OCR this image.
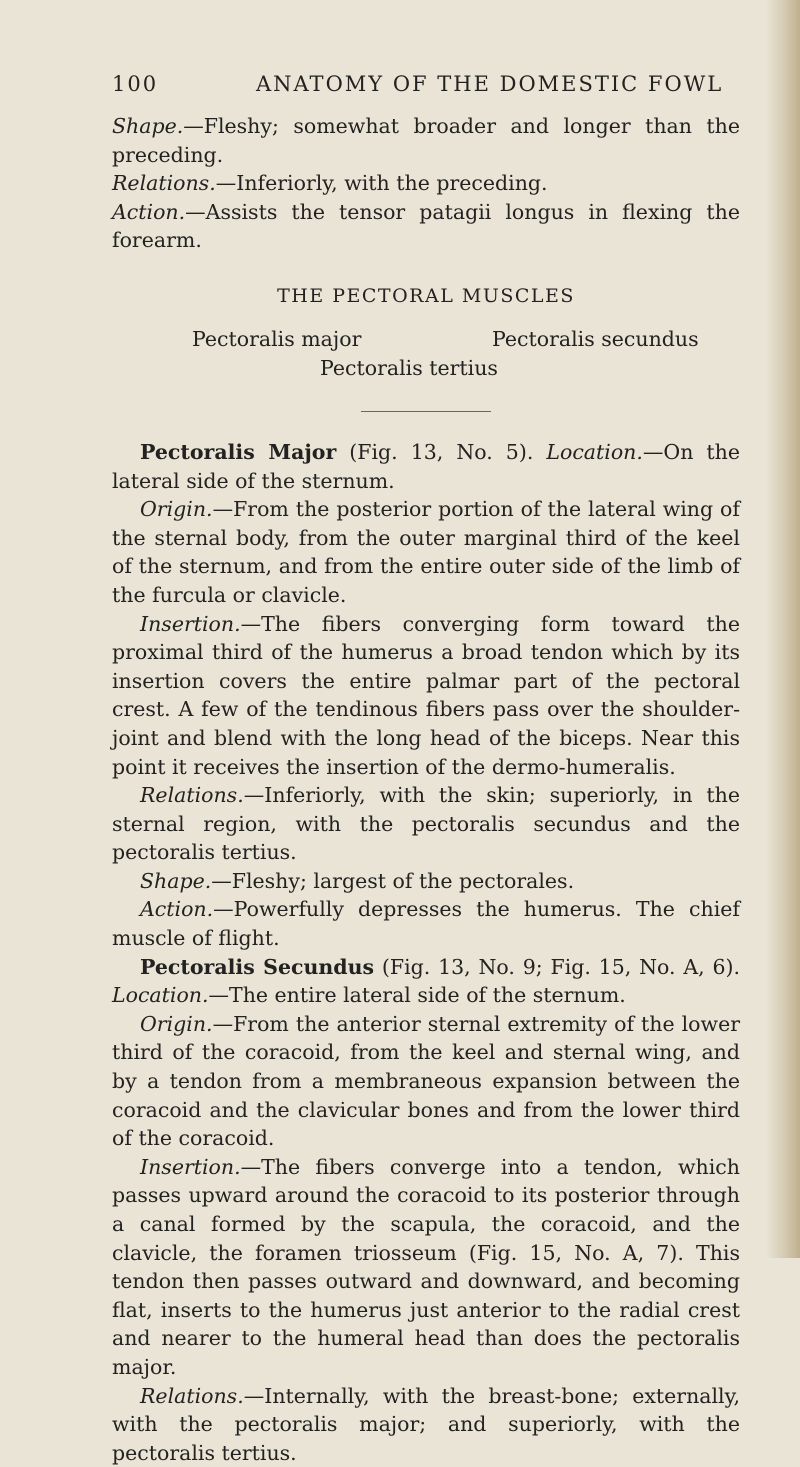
100	ANATOMY OF THE DOMESTIC FOWL

Shape.—Fleshy; somewhat broader and longer than the preceding.

Relations.—Inferiorly, with the preceding.

Action.—Assists the tensor patagii longus in flexing the forearm.

THE PECTORAL MUSCLES
Pectoralis major	Pectoralis secundus
Pectoralis tertius

Pectoralis Major (Fig. 13, No. 5). Location.—On the lateral side of the sternum.

Origin.—From the posterior portion of the lateral wing of the sternal body, from the outer marginal third of the keel of the sternum, and from the entire outer side of the limb of the furcula or clavicle.

Insertion.—The fibers converging form toward the proximal third of the humerus a broad tendon which by its insertion covers the entire palmar part of the pectoral crest. A few of the tendinous fibers pass over the shoulder-joint and blend with the long head of the biceps. Near this point it receives the insertion of the dermo-humeralis.

Relations.—Inferiorly, with the skin; superiorly, in the sternal region, with the pectoralis secundus and the pectoralis tertius.

Shape.—Fleshy; largest of the pectorales.

Action.—Powerfully depresses the humerus. The chief muscle of flight.

Pectoralis Secundus (Fig. 13, No. 9; Fig. 15, No. A, 6). Location.—The entire lateral side of the sternum.

Origin.—From the anterior sternal extremity of the lower third of the coracoid, from the keel and sternal wing, and by a tendon from a membraneous expansion between the coracoid and the clavicular bones and from the lower third of the coracoid.

Insertion.—The fibers converge into a tendon, which passes upward around the coracoid to its posterior through a canal formed by the scapula, the coracoid, and the clavicle, the foramen triosseum (Fig. 15, No. A, 7). This tendon then passes outward and downward, and becoming flat, inserts to the humerus just anterior to the radial crest and nearer to the humeral head than does the pectoralis major.

Relations.—Internally, with the breast-bone; externally, with the pectoralis major; and superiorly, with the pectoralis tertius.
